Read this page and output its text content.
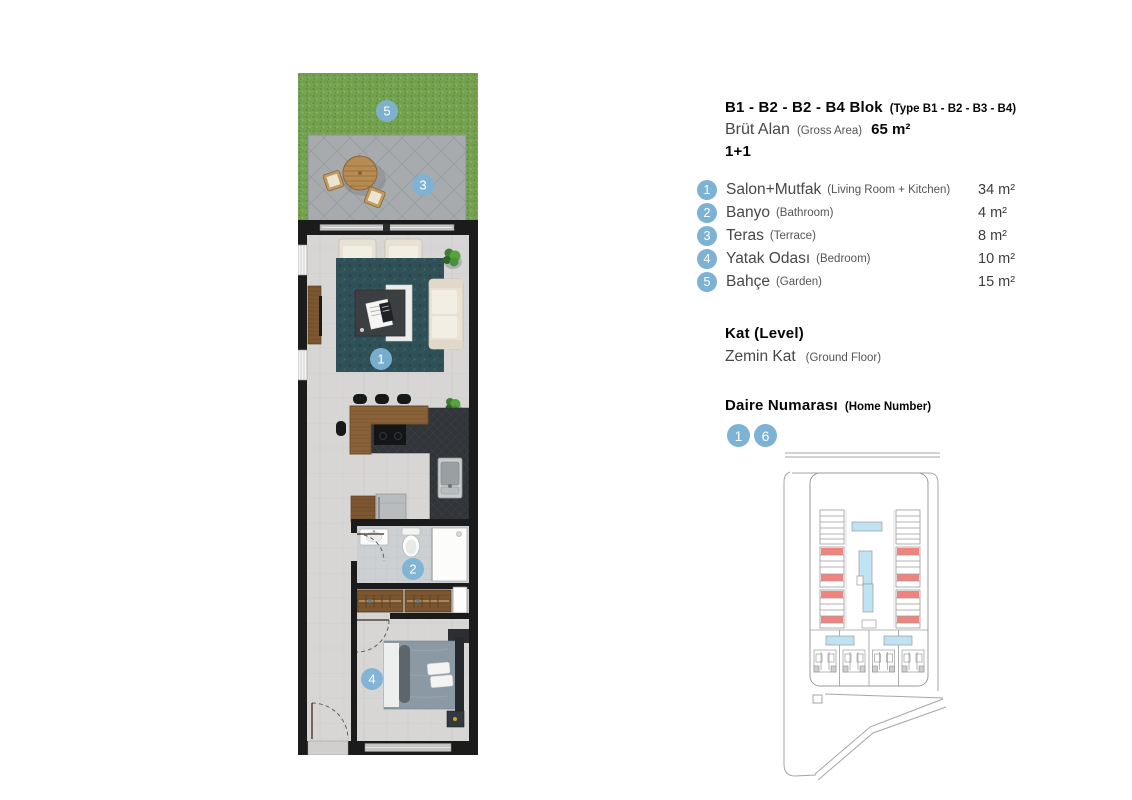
5
3
1
2
4
B1 - B2 - B2 - B4 Blok (Type B1 - B2 - B3 - B4)
Brüt Alan (Gross Area) 65 m²
1+1
1	Salon+Mutfak (Living Room + Kitchen) 34 m²
2	Banyo (Bathroom)	4 m²
3	Teras (Terrace)	8 m²
4	Yatak Odası (Bedroom)	10 m²
5	Bahçe (Garden)	15 m²
Kat (Level)
Zemin Kat (Ground Floor)
Daire Numarası (Home Number)
1	6
